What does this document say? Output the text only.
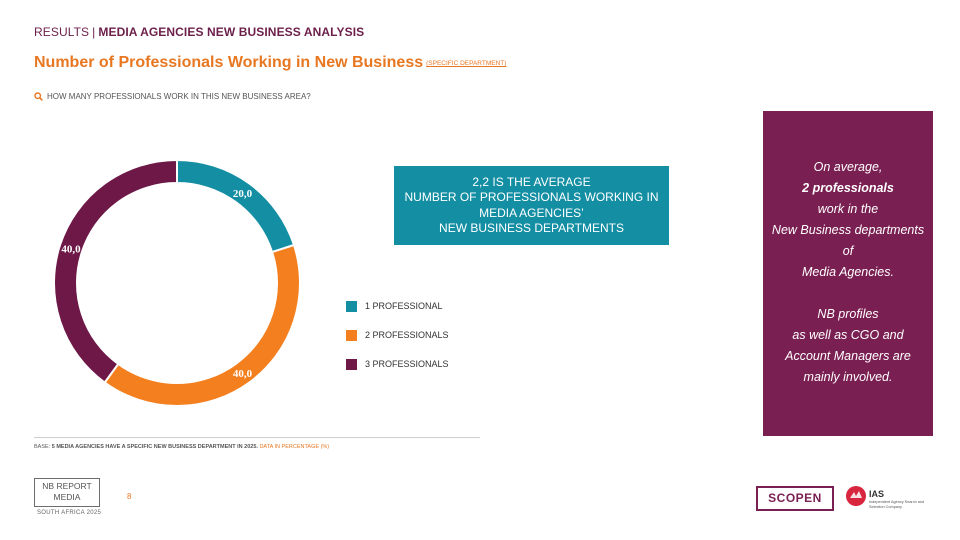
RESULTS | MEDIA AGENCIES NEW BUSINESS ANALYSIS
Number of Professionals Working in New Business $^{(SPECIFIC DEPARTMENT)}$
HOW MANY PROFESSIONALS WORK IN THIS NEW BUSINESS AREA?
20,0
40,0
40,0
2,2 IS THE AVERAGE
NUMBER OF PROFESSIONALS WORKING IN
MEDIA AGENCIES’
NEW BUSINESS DEPARTMENTS
1 PROFESSIONAL
2 PROFESSIONALS
3 PROFESSIONALS
On average,
2 professionals
work in the
New Business departments
of
Media Agencies.
NB profiles
as well as CGO and
Account Managers are
mainly involved.
BASE: 5 MEDIA AGENCIES HAVE A SPECIFIC NEW BUSINESS DEPARTMENT IN 2025. DATA IN PERCENTAGE (%)
NB REPORT
MEDIA
SOUTH AFRICA 2025
8	SCOPEN	IAS
Independent Agency Search and Selection Company
